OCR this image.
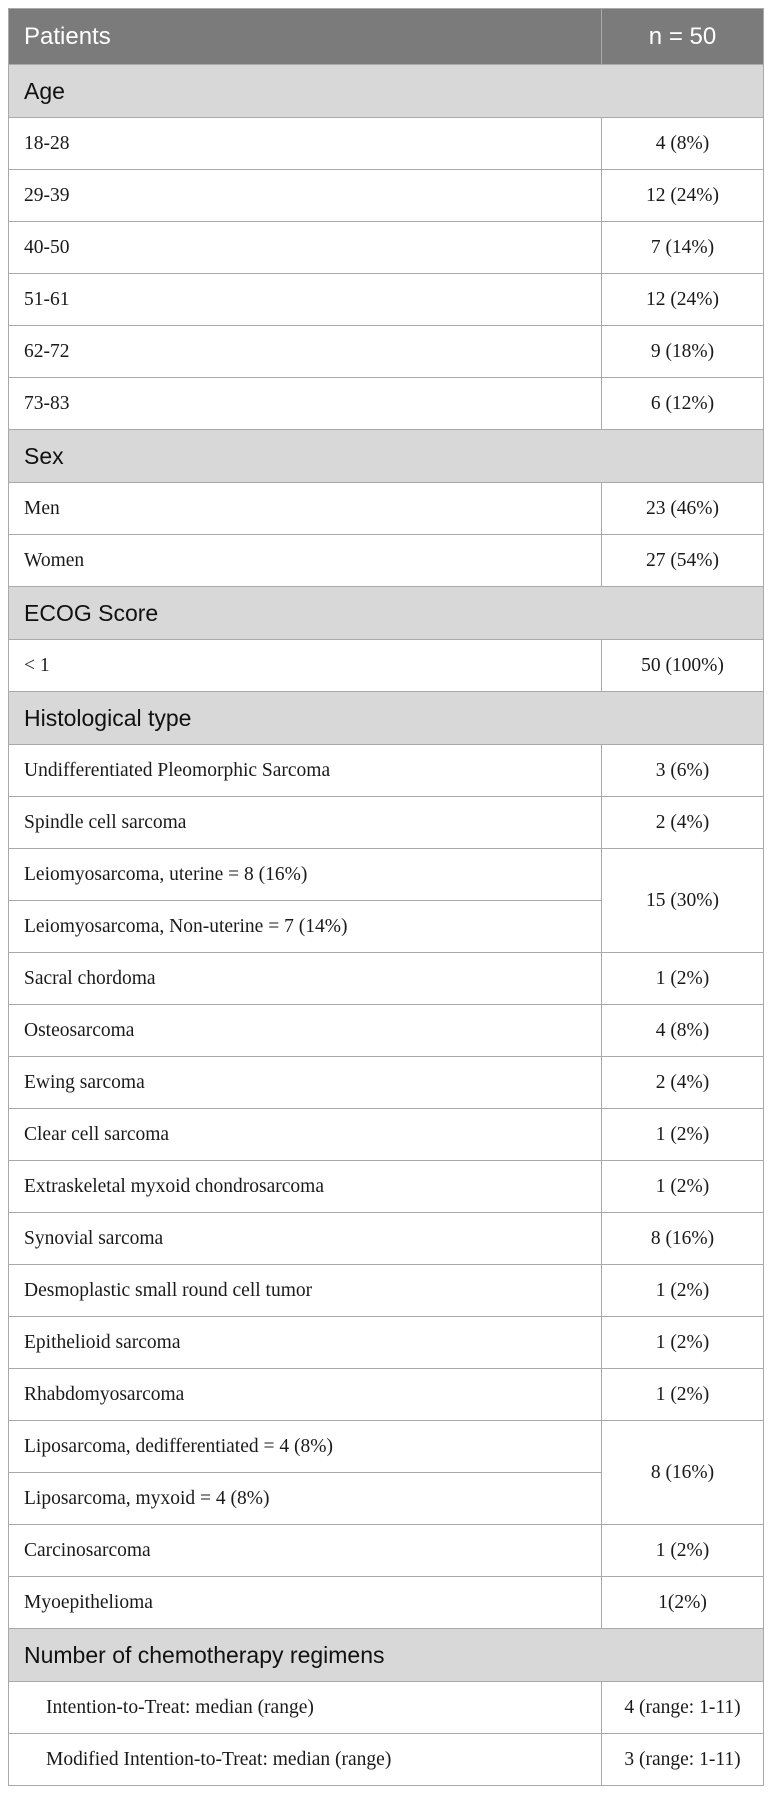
Patients	n = 50
Age	
18-28	4 (8%)
29-39	12 (24%)
40-50	7 (14%)
51-61	12 (24%)
62-72	9 (18%)
73-83	6 (12%)
Sex	
Men	23 (46%)
Women	27 (54%)
ECOG Score	
< 1	50 (100%)
Histological type	
Undifferentiated Pleomorphic Sarcoma	3 (6%)
Spindle cell sarcoma	2 (4%)
Leiomyosarcoma, uterine = 8 (16%)	15 (30%)
Leiomyosarcoma, Non-uterine = 7 (14%)	
Sacral chordoma	1 (2%)
Osteosarcoma	4 (8%)
Ewing sarcoma	2 (4%)
Clear cell sarcoma	1 (2%)
Extraskeletal myxoid chondrosarcoma	1 (2%)
Synovial sarcoma	8 (16%)
Desmoplastic small round cell tumor	1 (2%)
Epithelioid sarcoma	1 (2%)
Rhabdomyosarcoma	1 (2%)
Liposarcoma, dedifferentiated = 4 (8%)	8 (16%)
Liposarcoma, myxoid = 4 (8%)	
Carcinosarcoma	1 (2%)
Myoepithelioma	1(2%)
Number of chemotherapy regimens	
Intention-to-Treat: median (range)	4 (range: 1-11)
Modified Intention-to-Treat: median (range)	3 (range: 1-11)
